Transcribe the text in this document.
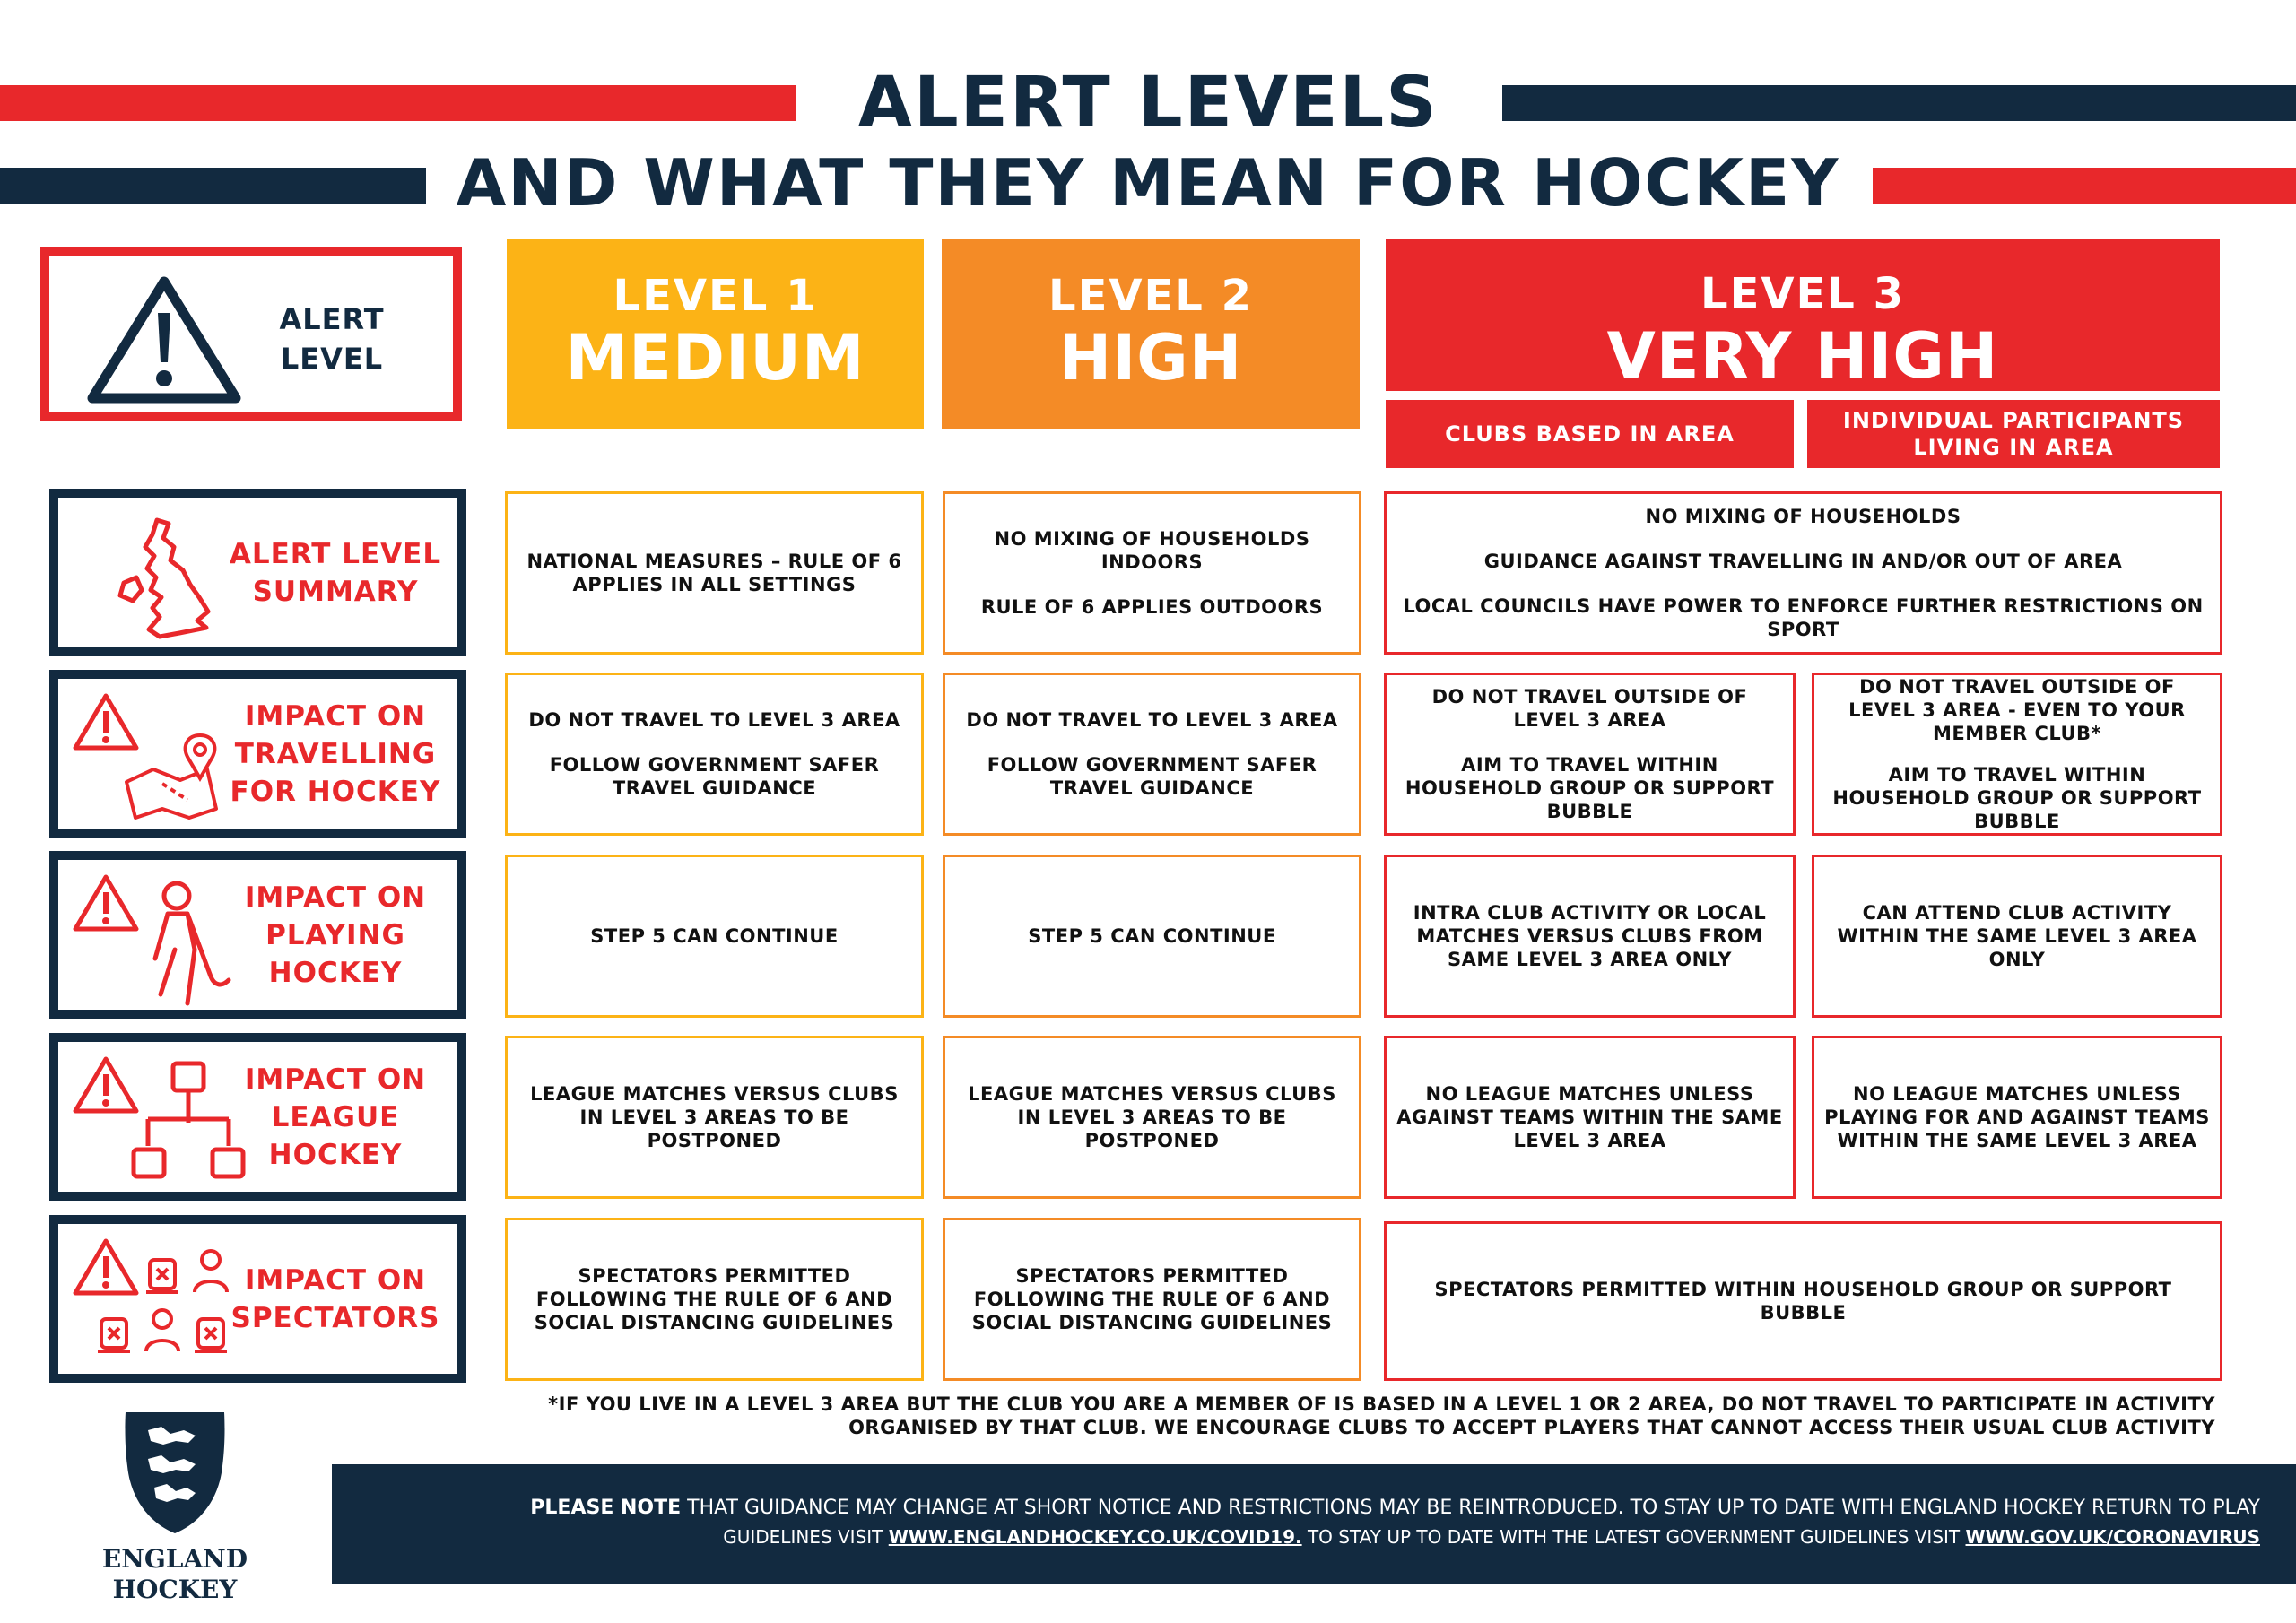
ALERT LEVELS
AND WHAT THEY MEAN FOR HOCKEY
ALERT LEVEL
LEVEL 1
MEDIUM
LEVEL 2
HIGH
LEVEL 3
VERY HIGH
CLUBS BASED IN AREA
INDIVIDUAL PARTICIPANTS LIVING IN AREA
ALERT LEVEL SUMMARY

NATIONAL MEASURES – RULE OF 6 APPLIES IN ALL SETTINGS

NO MIXING OF HOUSEHOLDS INDOORS

RULE OF 6 APPLIES OUTDOORS

NO MIXING OF HOUSEHOLDS

GUIDANCE AGAINST TRAVELLING IN AND/OR OUT OF AREA

LOCAL COUNCILS HAVE POWER TO ENFORCE FURTHER RESTRICTIONS ON SPORT

IMPACT ON TRAVELLING FOR HOCKEY

DO NOT TRAVEL TO LEVEL 3 AREA

FOLLOW GOVERNMENT SAFER TRAVEL GUIDANCE

DO NOT TRAVEL TO LEVEL 3 AREA

FOLLOW GOVERNMENT SAFER TRAVEL GUIDANCE

DO NOT TRAVEL OUTSIDE OF LEVEL 3 AREA

AIM TO TRAVEL WITHIN HOUSEHOLD GROUP OR SUPPORT BUBBLE

DO NOT TRAVEL OUTSIDE OF LEVEL 3 AREA - EVEN TO YOUR MEMBER CLUB*

AIM TO TRAVEL WITHIN HOUSEHOLD GROUP OR SUPPORT BUBBLE

IMPACT ON PLAYING HOCKEY

STEP 5 CAN CONTINUE	STEP 5 CAN CONTINUE

INTRA CLUB ACTIVITY OR LOCAL MATCHES VERSUS CLUBS FROM SAME LEVEL 3 AREA ONLY

CAN ATTEND CLUB ACTIVITY WITHIN THE SAME LEVEL 3 AREA ONLY

IMPACT ON LEAGUE HOCKEY

LEAGUE MATCHES VERSUS CLUBS IN LEVEL 3 AREAS TO BE POSTPONED

LEAGUE MATCHES VERSUS CLUBS IN LEVEL 3 AREAS TO BE POSTPONED

NO LEAGUE MATCHES UNLESS AGAINST TEAMS WITHIN THE SAME LEVEL 3 AREA

NO LEAGUE MATCHES UNLESS PLAYING FOR AND AGAINST TEAMS WITHIN THE SAME LEVEL 3 AREA

IMPACT ON SPECTATORS

SPECTATORS PERMITTED FOLLOWING THE RULE OF 6 AND SOCIAL DISTANCING GUIDELINES

SPECTATORS PERMITTED FOLLOWING THE RULE OF 6 AND SOCIAL DISTANCING GUIDELINES

SPECTATORS PERMITTED WITHIN HOUSEHOLD GROUP OR SUPPORT BUBBLE

*IF YOU LIVE IN A LEVEL 3 AREA BUT THE CLUB YOU ARE A MEMBER OF IS BASED IN A LEVEL 1 OR 2 AREA, DO NOT TRAVEL TO PARTICIPATE IN ACTIVITY
ORGANISED BY THAT CLUB. WE ENCOURAGE CLUBS TO ACCEPT PLAYERS THAT CANNOT ACCESS THEIR USUAL CLUB ACTIVITY
ENGLAND
HOCKEY
PLEASE NOTE THAT GUIDANCE MAY CHANGE AT SHORT NOTICE AND RESTRICTIONS MAY BE REINTRODUCED. TO STAY UP TO DATE WITH ENGLAND HOCKEY RETURN TO PLAY
GUIDELINES VISIT WWW.ENGLANDHOCKEY.CO.UK/COVID19. TO STAY UP TO DATE WITH THE LATEST GOVERNMENT GUIDELINES VISIT WWW.GOV.UK/CORONAVIRUS
